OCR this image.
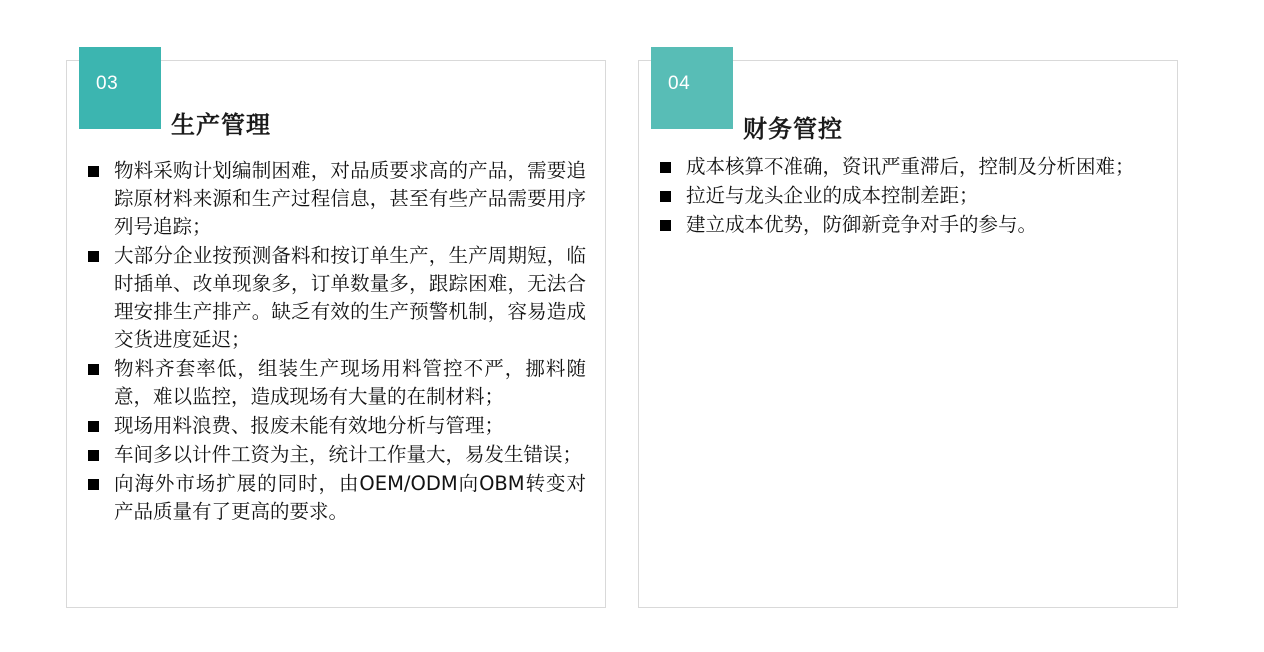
03
生产管理
物料采购计划编制困难，对品质要求高的产品，需要追踪原材料来源和生产过程信息，甚至有些产品需要用序列号追踪；
大部分企业按预测备料和按订单生产，生产周期短，临时插单、改单现象多，订单数量多，跟踪困难，无法合理安排生产排产。缺乏有效的生产预警机制，容易造成交货进度延迟；
物料齐套率低，组装生产现场用料管控不严，挪料随意，难以监控，造成现场有大量的在制材料；
现场用料浪费、报废未能有效地分析与管理；
车间多以计件工资为主，统计工作量大，易发生错误；
向海外市场扩展的同时，由OEM/ODM向OBM转变对产品质量有了更高的要求。
04
财务管控
成本核算不准确，资讯严重滞后，控制及分析困难；
拉近与龙头企业的成本控制差距；
建立成本优势，防御新竞争对手的参与。
